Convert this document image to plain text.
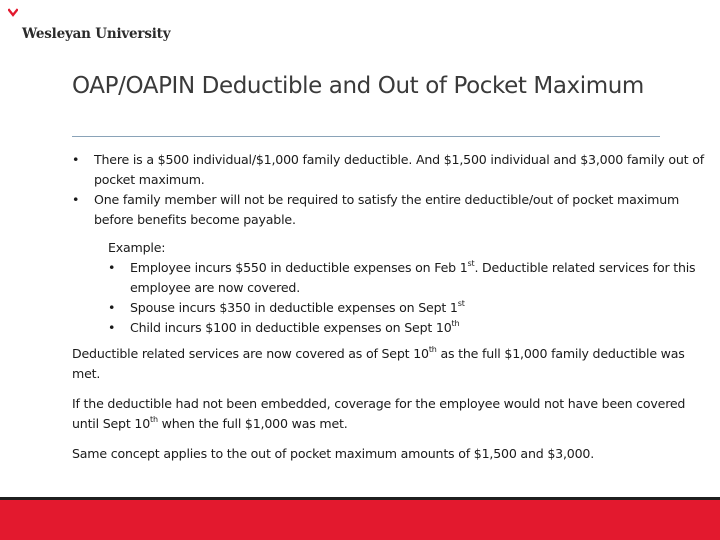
Wesleyan University
OAP/OAPIN Deductible and Out of Pocket Maximum
• There is a $500 individual/$1,000 family deductible. And $1,500 individual and $3,000 family out of pocket maximum.
• One family member will not be required to satisfy the entire deductible/out of pocket maximum before benefits become payable.
Example:
• Employee incurs $550 in deductible expenses on Feb 1st. Deductible related services for this employee are now covered.
• Spouse incurs $350 in deductible expenses on Sept 1st
• Child incurs $100 in deductible expenses on Sept 10th

Deductible related services are now covered as of Sept 10th as the full $1,000 family deductible was met.

If the deductible had not been embedded, coverage for the employee would not have been covered until Sept 10th when the full $1,000 was met.

Same concept applies to the out of pocket maximum amounts of $1,500 and $3,000.
